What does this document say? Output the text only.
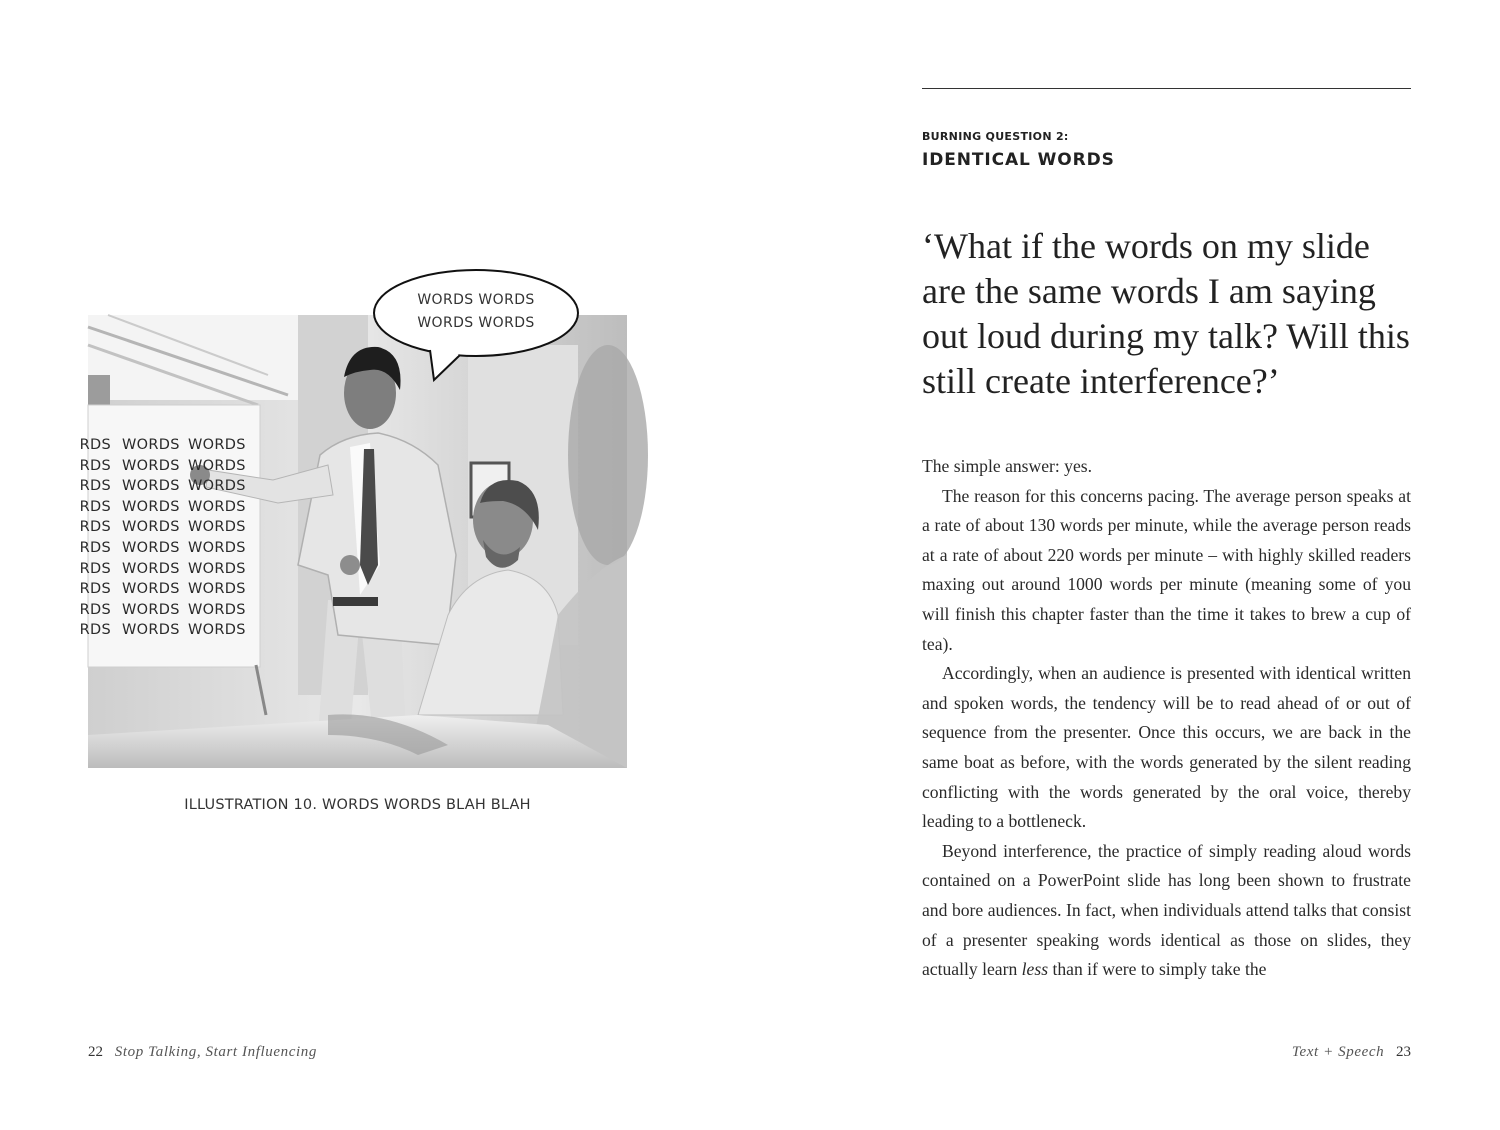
RDS WORDS WORDS
RDS WORDS WORDS
RDS WORDS WORDS
RDS WORDS WORDS
RDS WORDS WORDS
RDS WORDS WORDS
RDS WORDS WORDS
RDS WORDS WORDS
RDS WORDS WORDS
RDS WORDS WORDS
WORDS WORDS
WORDS WORDS
ILLUSTRATION 10. WORDS WORDS BLAH BLAH
22 Stop Talking, Start Influencing
BURNING QUESTION 2:
IDENTICAL WORDS
‘What if the words on my slide are the same words I am saying out loud during my talk? Will this still create interference?’

The simple answer: yes.

The reason for this concerns pacing. The average person speaks at a rate of about 130 words per minute, while the average person reads at a rate of about 220 words per minute – with highly skilled readers maxing out around 1000 words per minute (meaning some of you will finish this chapter faster than the time it takes to brew a cup of tea).

Accordingly, when an audience is presented with identical written and spoken words, the tendency will be to read ahead of or out of sequence from the presenter. Once this occurs, we are back in the same boat as before, with the words generated by the silent reading conflicting with the words generated by the oral voice, thereby leading to a bottleneck.

Beyond interference, the practice of simply reading aloud words contained on a PowerPoint slide has long been shown to frustrate and bore audiences. In fact, when individuals attend talks that consist of a presenter speaking words identical as those on slides, they actually learn less than if were to simply take the

Text + Speech 23
